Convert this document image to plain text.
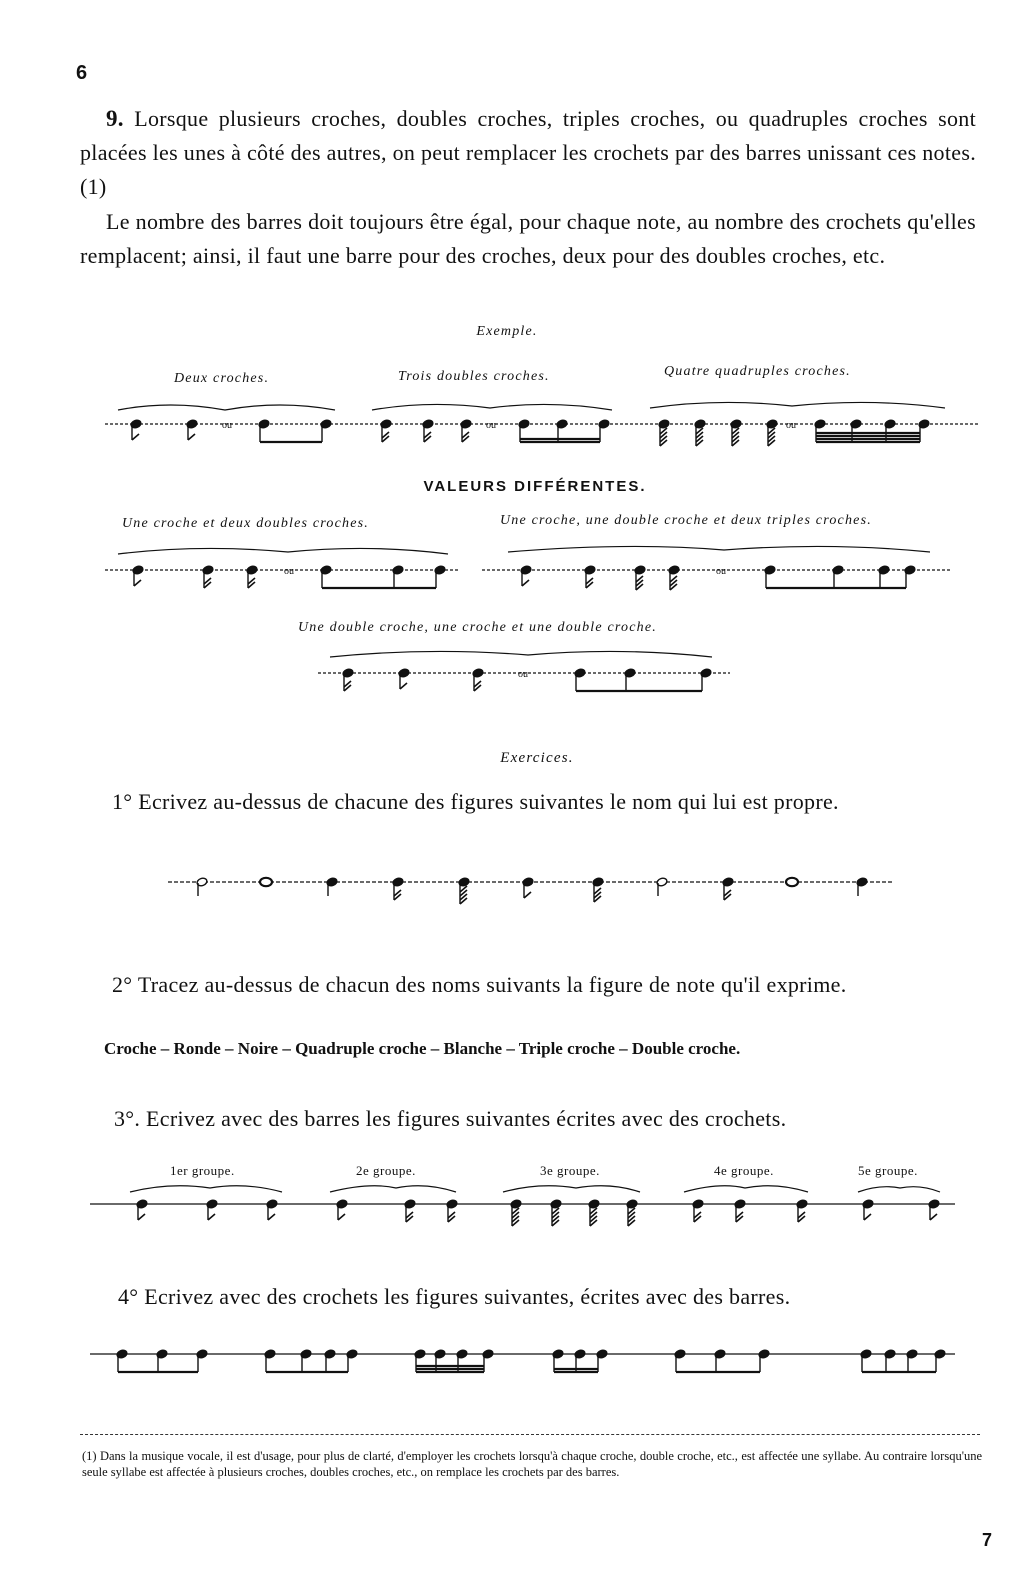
6
9. Lorsque plusieurs croches, doubles croches, triples croches, ou quadruples croches sont placées les unes à côté des autres, on peut remplacer les crochets par des barres unissant ces notes. (1)
Le nombre des barres doit toujours être égal, pour chaque note, au nombre des crochets qu'elles remplacent; ainsi, il faut une barre pour des croches, deux pour des doubles croches, etc.
Exemple.
Deux croches.	Trois doubles croches.	Quatre quadruples croches.
ou	ou	ou
VALEURS DIFFÉRENTES.
Une croche et deux doubles croches.	Une croche, une double croche et deux triples croches.
ou	ou
Une double croche, une croche et une double croche.
ou
Exercices.
1° Ecrivez au-dessus de chacune des figures suivantes le nom qui lui est propre.
2° Tracez au-dessus de chacun des noms suivants la figure de note qu'il exprime.
Croche – Ronde – Noire – Quadruple croche – Blanche – Triple croche – Double croche.
3°. Ecrivez avec des barres les figures suivantes écrites avec des crochets.
1er groupe.	2e groupe.	3e groupe.	4e groupe.	5e groupe.
4° Ecrivez avec des crochets les figures suivantes, écrites avec des barres.
(1) Dans la musique vocale, il est d'usage, pour plus de clarté, d'employer les crochets lorsqu'à chaque croche, double croche, etc., est affectée une syllabe. Au contraire lorsqu'une seule syllabe est affectée à plusieurs croches, doubles croches, etc., on remplace les crochets par des barres.
7
